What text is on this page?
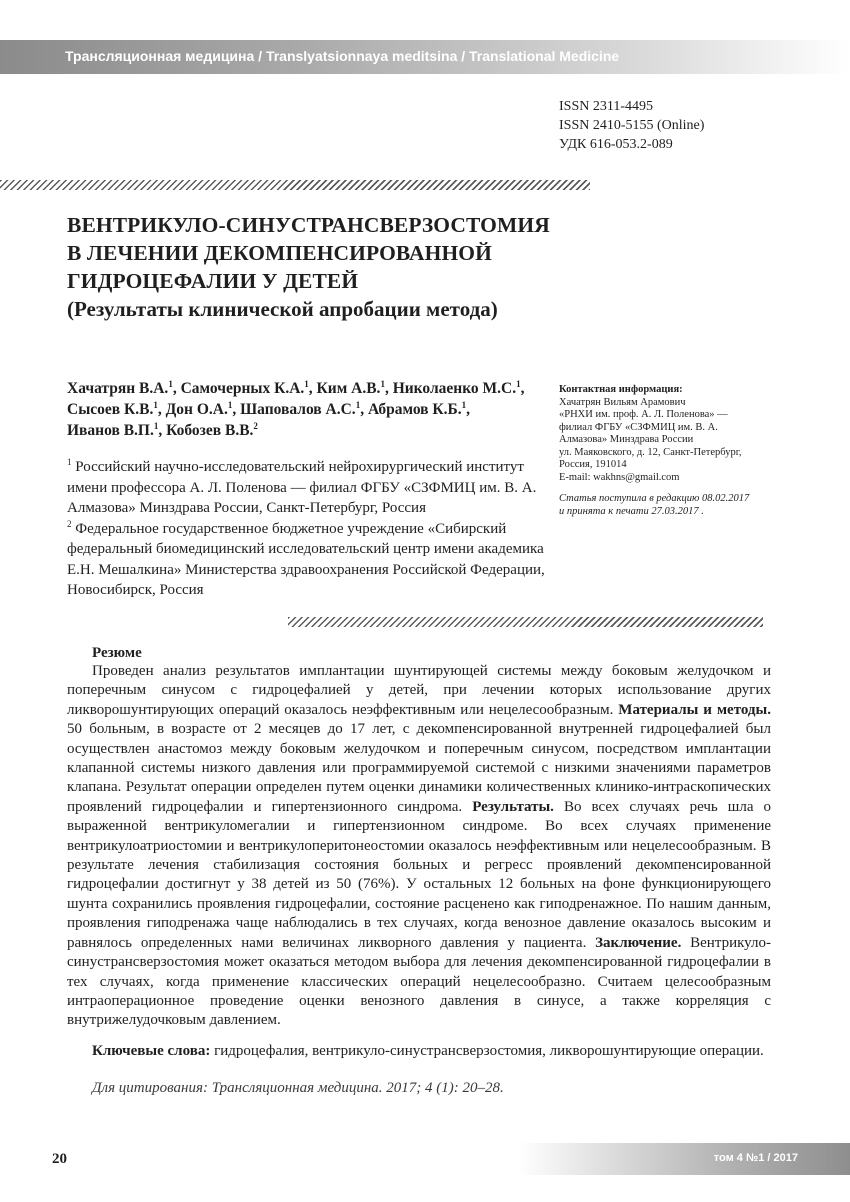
Трансляционная медицина / Translyatsionnaya meditsina / Translational Medicine
ISSN 2311-4495
ISSN 2410-5155 (Online)
УДК 616-053.2-089
ВЕНТРИКУЛО-СИНУСТРАНСВЕРЗОСТОМИЯ
В ЛЕЧЕНИИ ДЕКОМПЕНСИРОВАННОЙ
ГИДРОЦЕФАЛИИ У ДЕТЕЙ
(Результаты клинической апробации метода)
Хачатрян В.А.$^1$, Самочерных К.А.$^1$, Ким А.В.$^1$, Николаенко М.С.$^1$,
Сысоев К.В.$^1$, Дон О.А.$^1$, Шаповалов А.С.$^1$, Абрамов К.Б.$^1$,
Иванов В.П.$^1$, Кобозев В.В.$^2$

$^1$ Российский научно-исследовательский нейрохирургический институт имени профессора А. Л. Поленова — филиал ФГБУ «СЗФМИЦ им. В. А. Алмазова» Минздрава России, Санкт-Петербург, Россия

$^2$ Федеральное государственное бюджетное учреждение «Сибирский федеральный биомедицинский исследовательский центр имени академика Е.Н. Мешалкина» Министерства здравоохранения Российской Федерации, Новосибирск, Россия

Контактная информация:
Хачатрян Вильям Арамович
«РНХИ им. проф. А. Л. Поленова» —
филиал ФГБУ «СЗФМИЦ им. В. А.
Алмазова» Минздрава России
ул. Маяковского, д. 12, Санкт-Петербург,
Россия, 191014
E-mail: wakhns@gmail.com
Статья поступила в редакцию 08.02.2017
и принята к печати 27.03.2017 .
Резюме

Проведен анализ результатов имплантации шунтирующей системы между боковым желудочком и поперечным синусом с гидроцефалией у детей, при лечении которых использование других ликворошунтирующих операций оказалось неэффективным или нецелесообразным. Материалы и методы. 50 больным, в возрасте от 2 месяцев до 17 лет, с декомпенсированной внутренней гидроцефалией был осуществлен анастомоз между боковым желудочком и поперечным синусом, посредством имплантации клапанной системы низкого давления или программируемой системой с низкими значениями параметров клапана. Результат операции определен путем оценки динамики количественных клинико-интраскопических проявлений гидроцефалии и гипертензионного синдрома. Результаты. Во всех случаях речь шла о выраженной вентрикуломегалии и гипертензионном синдроме. Во всех случаях применение вентрикулоатриостомии и вентрикулоперитонеостомии оказалось неэффективным или нецелесообразным. В результате лечения стабилизация состояния больных и регресс проявлений декомпенсированной гидроцефалии достигнут у 38 детей из 50 (76%). У остальных 12 больных на фоне функционирующего шунта сохранились проявления гидроцефалии, состояние расценено как гиподренажное. По нашим данным, проявления гиподренажа чаще наблюдались в тех случаях, когда венозное давление оказалось высоким и равнялось определенных нами величинах ликворного давления у пациента. Заключение. Вентрикуло-синустрансверзостомия может оказаться методом выбора для лечения декомпенсированной гидроцефалии в тех случаях, когда применение классических операций нецелесообразно. Считаем целесообразным интраоперационное проведение оценки венозного давления в синусе, а также корреляция с внутрижелудочковым давлением.

Ключевые слова: гидроцефалия, вентрикуло-синустрансверзостомия, ликворошунтирующие операции.
Для цитирования: Трансляционная медицина. 2017; 4 (1): 20–28.
20	том 4 №1 / 2017
